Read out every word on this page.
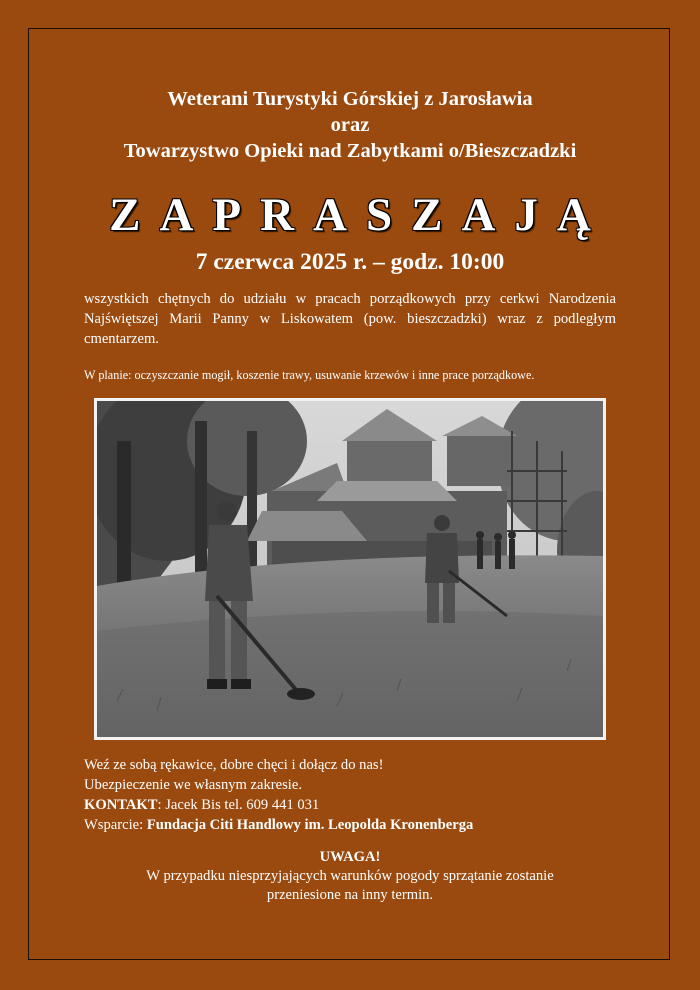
Weterani Turystyki Górskiej z Jarosławia
oraz
Towarzystwo Opieki nad Zabytkami o/Bieszczadzki
ZAPRASZAJĄ
7 czerwca 2025 r. – godz. 10:00
wszystkich chętnych do udziału w pracach porządkowych przy cerkwi Narodzenia Najświętszej Marii Panny w Liskowatem (pow. bieszczadzki) wraz z podległym cmentarzem.
W planie: oczyszczanie mogił, koszenie trawy, usuwanie krzewów i inne prace porządkowe.
Weź ze sobą rękawice, dobre chęci i dołącz do nas!
Ubezpieczenie we własnym zakresie.
KONTAKT: Jacek Bis tel. 609 441 031
Wsparcie: Fundacja Citi Handlowy im. Leopolda Kronenberga
UWAGA!
W przypadku niesprzyjających warunków pogody sprzątanie zostanie
przeniesione na inny termin.
